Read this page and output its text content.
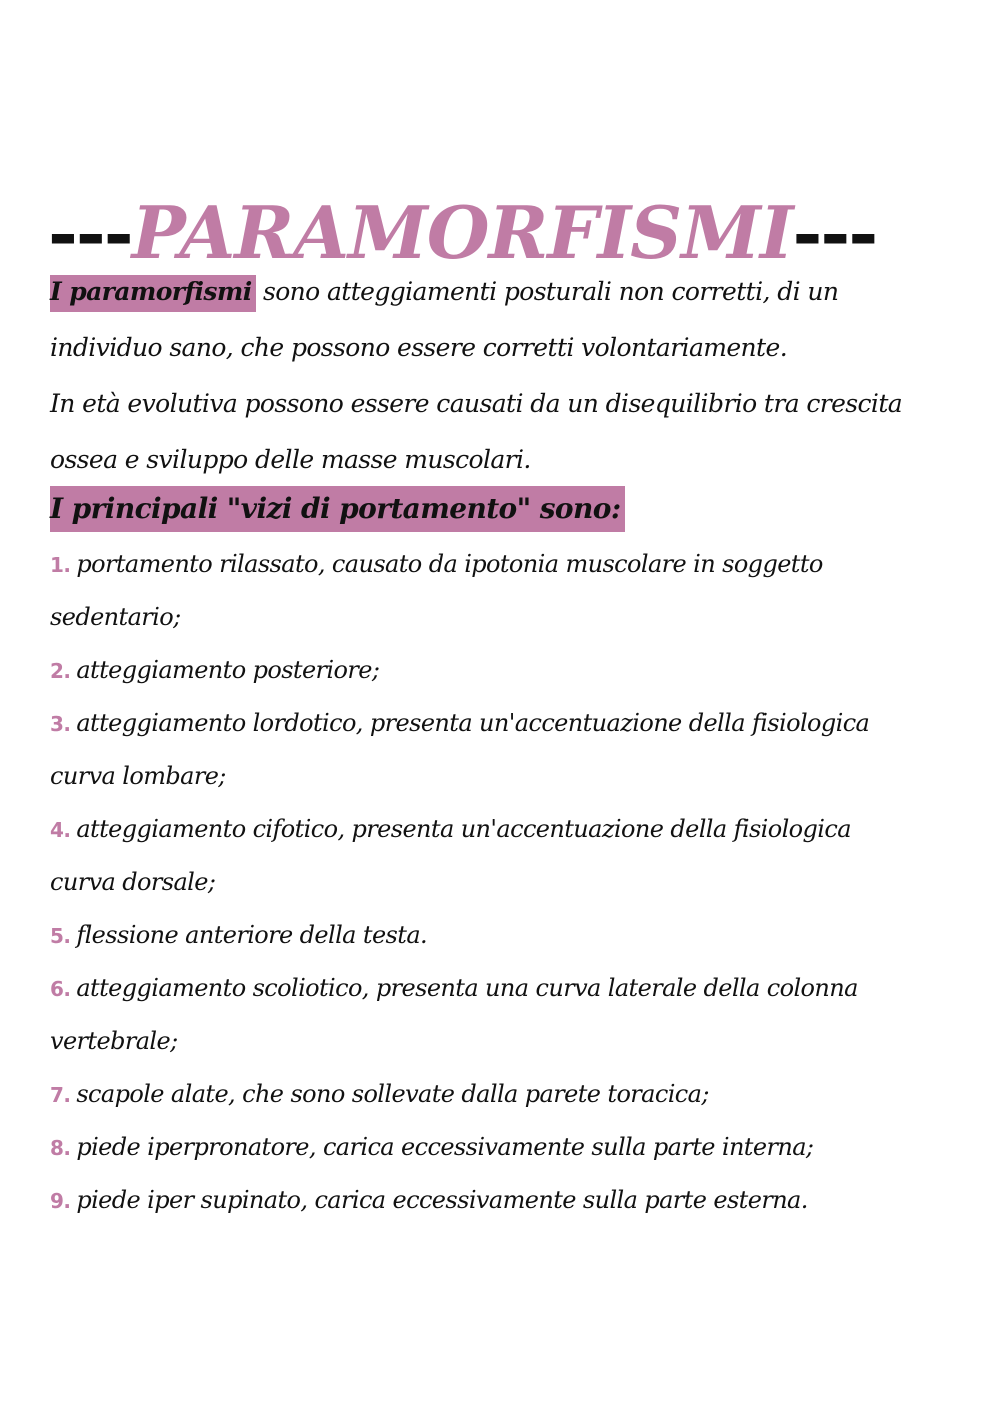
--- PARAMORFISMI ---
I paramorfismi sono atteggiamenti posturali non corretti, di un
individuo sano, che possono essere corretti volontariamente.
In età evolutiva possono essere causati da un disequilibrio tra crescita
ossea e sviluppo delle masse muscolari.
I principali "vizi di portamento" sono:
1. portamento rilassato, causato da ipotonia muscolare in soggetto
sedentario;
2. atteggiamento posteriore;
3. atteggiamento lordotico, presenta un'accentuazione della fisiologica
curva lombare;
4. atteggiamento cifotico, presenta un'accentuazione della fisiologica
curva dorsale;
5. flessione anteriore della testa.
6. atteggiamento scoliotico, presenta una curva laterale della colonna
vertebrale;
7. scapole alate, che sono sollevate dalla parete toracica;
8. piede iperpronatore, carica eccessivamente sulla parte interna;
9. piede iper supinato, carica eccessivamente sulla parte esterna.
